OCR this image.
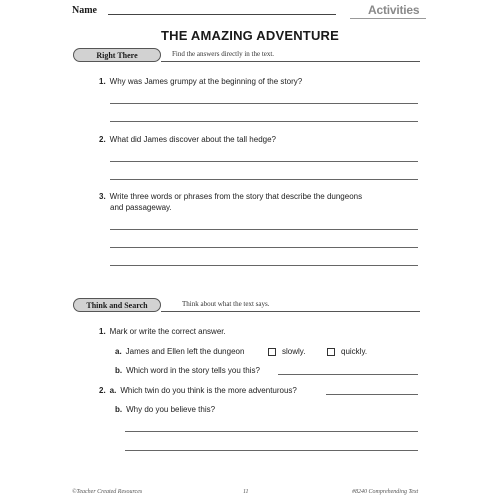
Name	Activities
THE AMAZING ADVENTURE
Right There	Find the answers directly in the text.
1. Why was James grumpy at the beginning of the story?
2. What did James discover about the tall hedge?
3. Write three words or phrases from the story that describe the dungeons
and passageway.
Think and Search	Think about what the text says.
1. Mark or write the correct answer.
a. James and Ellen left the dungeon	slowly.	quickly.
b. Which word in the story tells you this?
2. a. Which twin do you think is the more adventurous?
b. Why do you believe this?
©Teacher Created Resources	11	#8240 Comprehending Text
